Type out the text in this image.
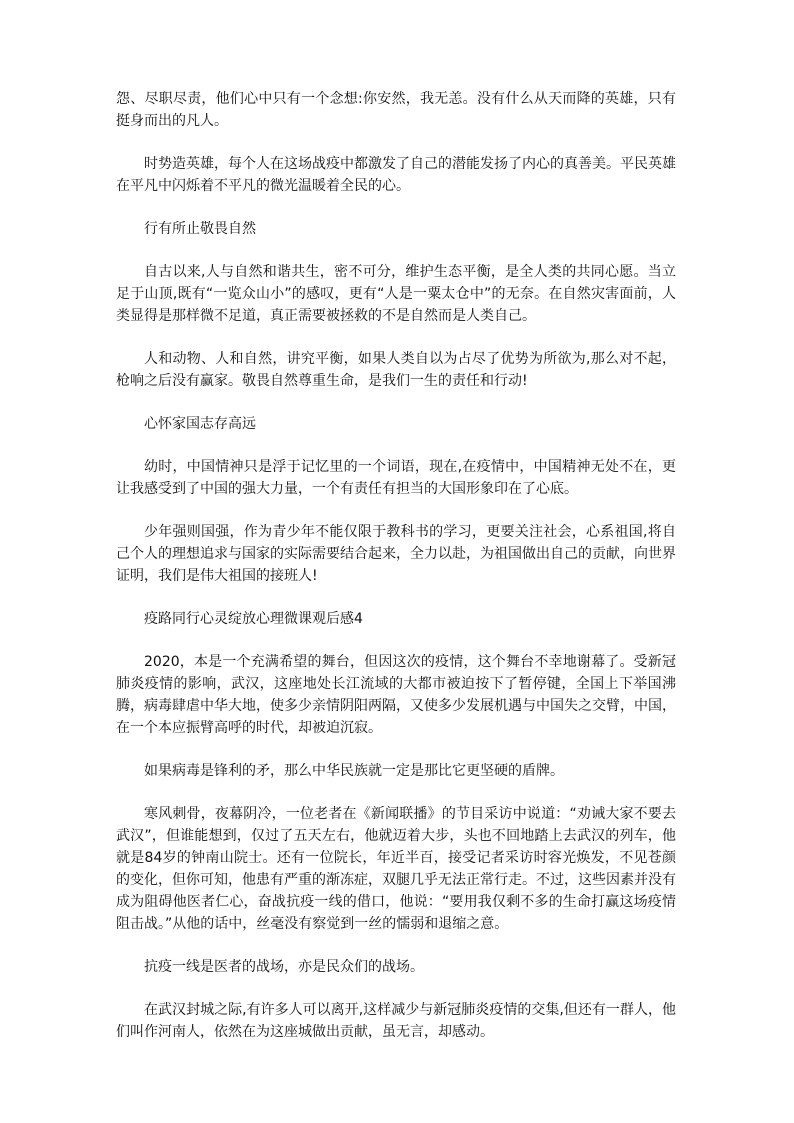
怨、尽职尽责，他们心中只有一个念想:你安然，我无恙。没有什么从天而降的英雄，只有挺身而出的凡人。

时势造英雄，每个人在这场战疫中都激发了自己的潜能发扬了内心的真善美。平民英雄在平凡中闪烁着不平凡的微光温暖着全民的心。

行有所止敬畏自然

自古以来,人与自然和谐共生，密不可分，维护生态平衡，是全人类的共同心愿。当立足于山顶,既有“一览众山小”的感叹，更有“人是一粟太仓中”的无奈。在自然灾害面前，人类显得是那样微不足道，真正需要被拯救的不是自然而是人类自己。

人和动物、人和自然，讲究平衡，如果人类自以为占尽了优势为所欲为,那么对不起，枪响之后没有赢家。敬畏自然尊重生命，是我们一生的责任和行动!

心怀家国志存高远

幼时，中国情神只是浮于记忆里的一个词语，现在,在疫情中，中国精神无处不在，更让我感受到了中国的强大力量，一个有责任有担当的大国形象印在了心底。

少年强则国强，作为青少年不能仅限于教科书的学习，更要关注社会，心系祖国,将自己个人的理想追求与国家的实际需要结合起来，全力以赴，为祖国做出自己的贡献，向世界证明，我们是伟大祖国的接班人!

疫路同行心灵绽放心理微课观后感4

2020，本是一个充满希望的舞台，但因这次的疫情，这个舞台不幸地谢幕了。受新冠肺炎疫情的影响，武汉，这座地处长江流域的大都市被迫按下了暂停键，全国上下举国沸腾，病毒肆虐中华大地，使多少亲情阴阳两隔，又使多少发展机遇与中国失之交臂，中国，在一个本应振臂高呼的时代，却被迫沉寂。

如果病毒是锋利的矛，那么中华民族就一定是那比它更坚硬的盾牌。

寒风刺骨，夜幕阴冷，一位老者在《新闻联播》的节目采访中说道：“劝诫大家不要去武汉”，但谁能想到，仅过了五天左右，他就迈着大步，头也不回地踏上去武汉的列车，他就是84岁的钟南山院士。还有一位院长，年近半百，接受记者采访时容光焕发，不见苍颜的变化，但你可知，他患有严重的渐冻症，双腿几乎无法正常行走。不过，这些因素并没有成为阻碍他医者仁心，奋战抗疫一线的借口，他说：“要用我仅剩不多的生命打赢这场疫情阻击战。”从他的话中，丝毫没有察觉到一丝的懦弱和退缩之意。

抗疫一线是医者的战场，亦是民众们的战场。

在武汉封城之际,有许多人可以离开,这样减少与新冠肺炎疫情的交集,但还有一群人，他们叫作河南人，依然在为这座城做出贡献，虽无言，却感动。
